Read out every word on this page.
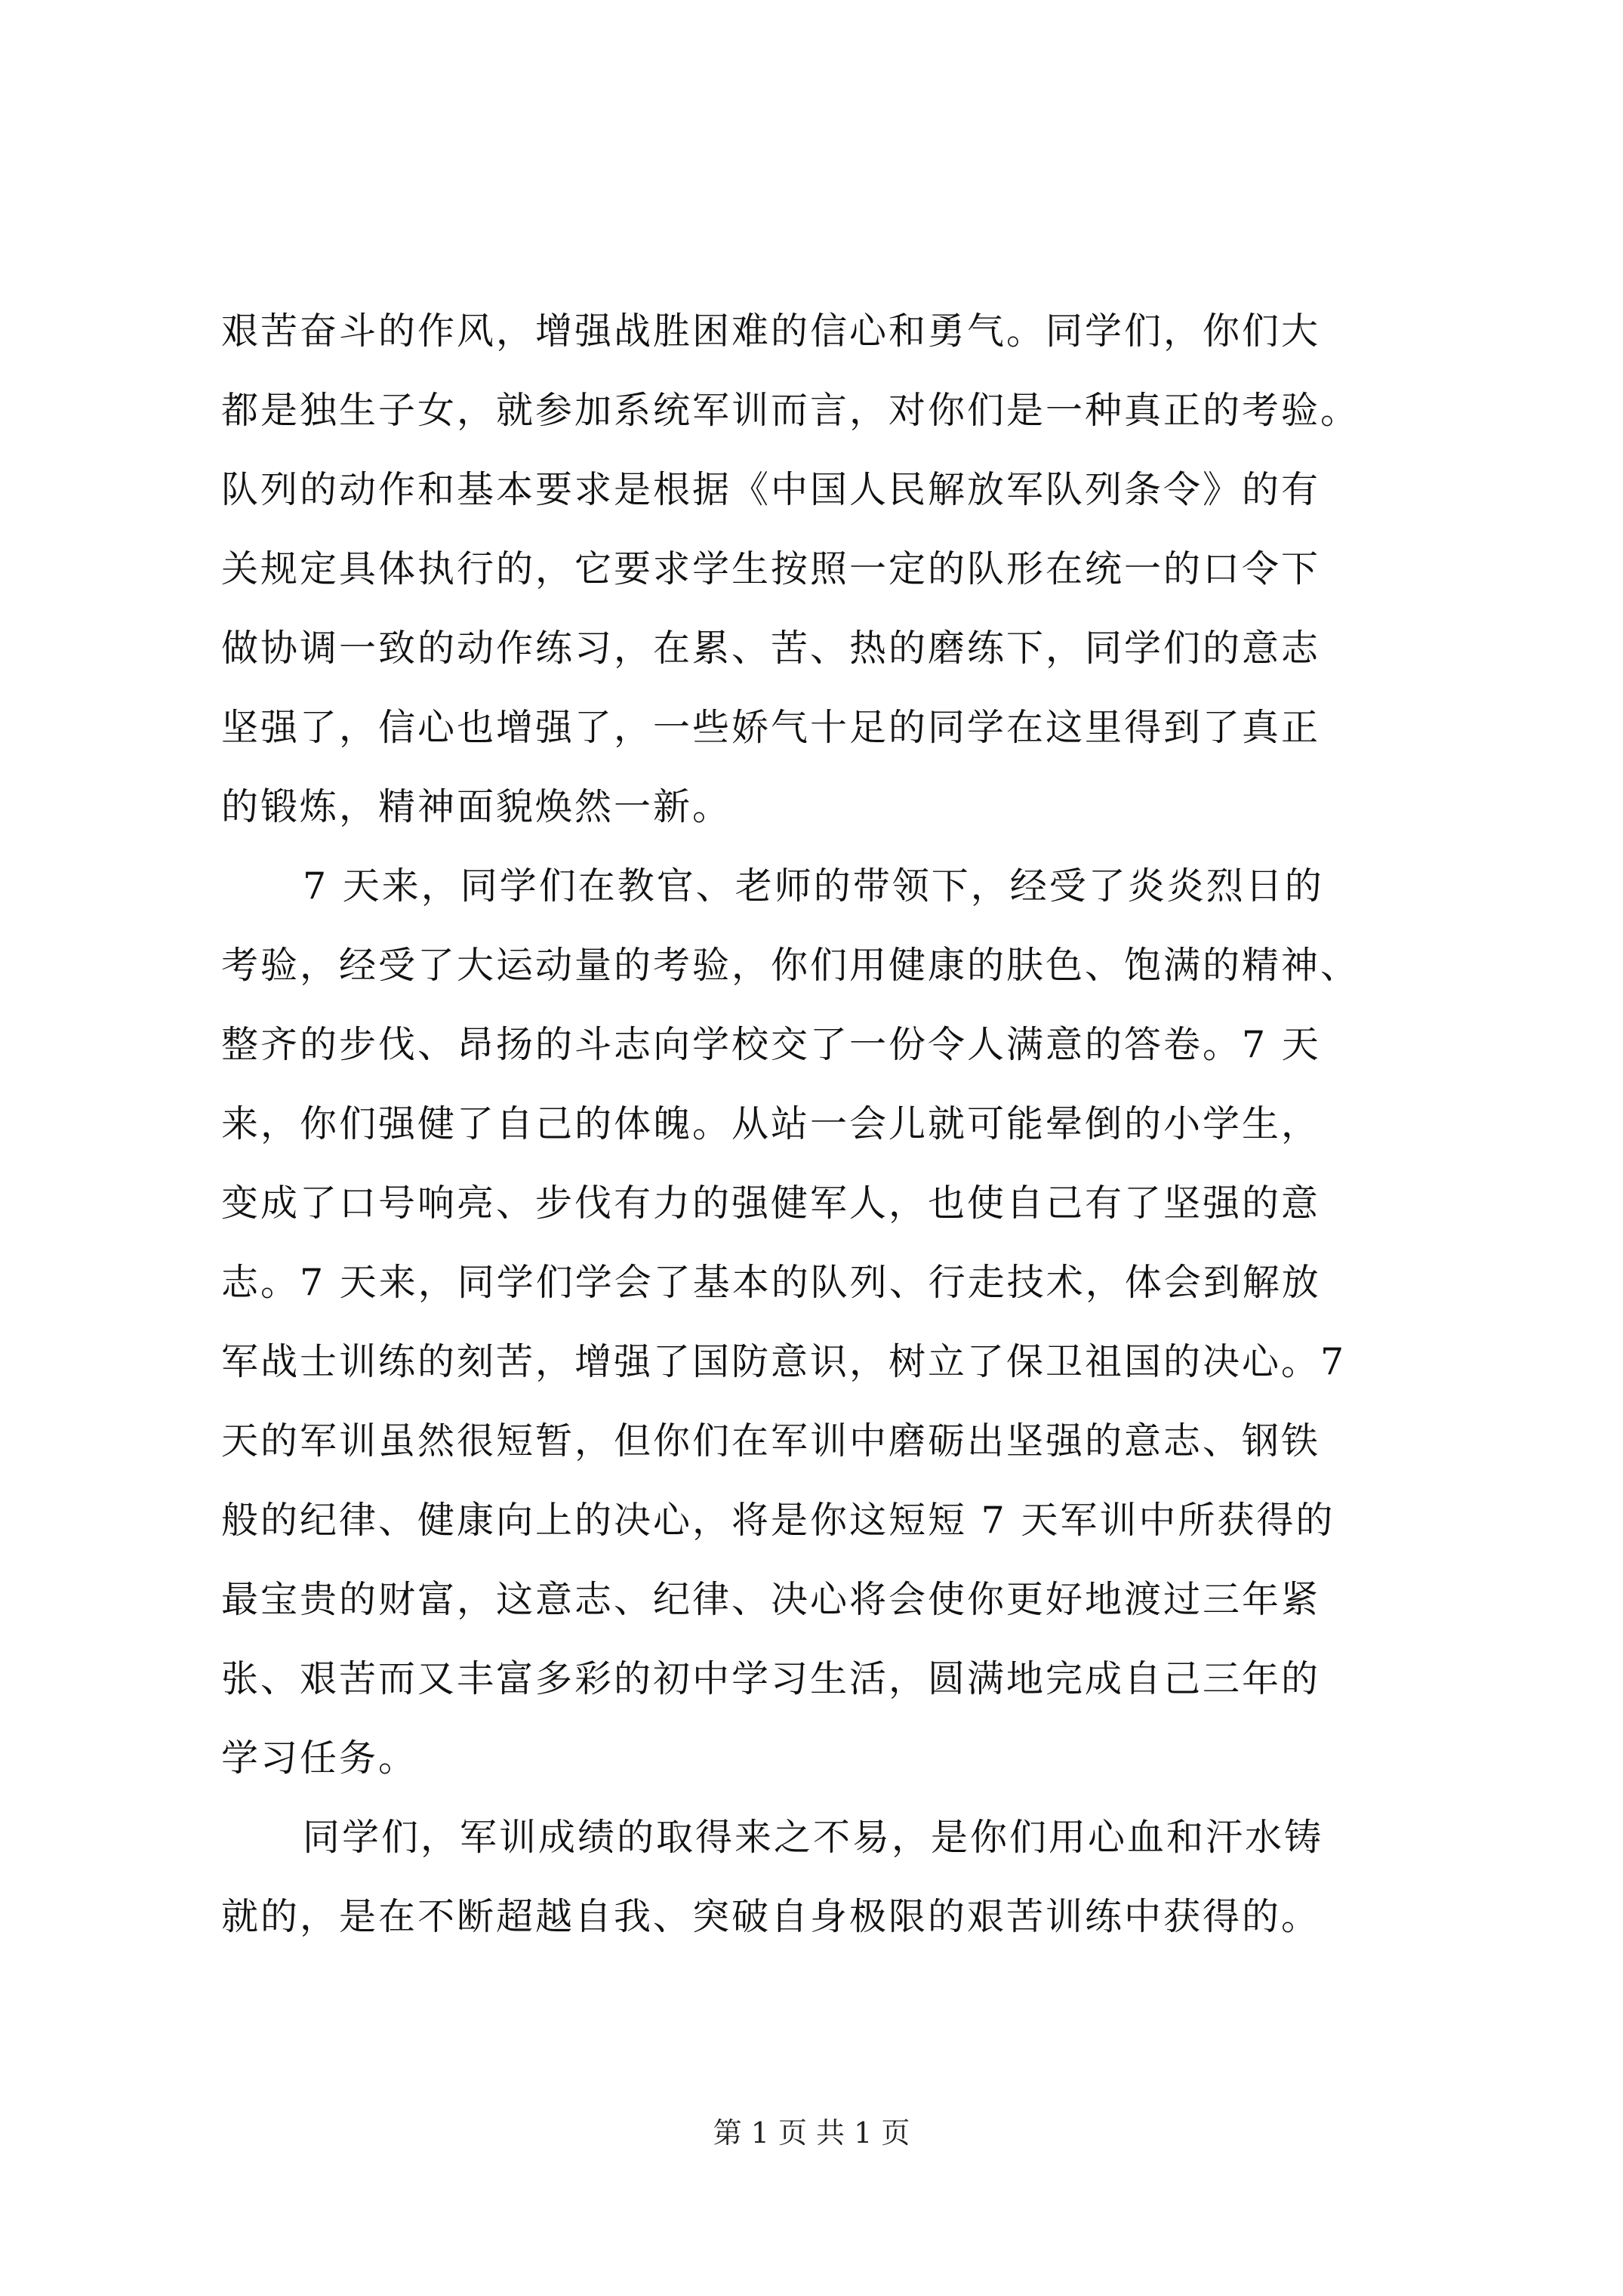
艰苦奋斗的作风，增强战胜困难的信心和勇气。同学们，你们大
都是独生子女，就参加系统军训而言，对你们是一种真正的考验。
队列的动作和基本要求是根据《中国人民解放军队列条令》的有
关规定具体执行的，它要求学生按照一定的队形在统一的口令下
做协调一致的动作练习，在累、苦、热的磨练下，同学们的意志
坚强了，信心也增强了，一些娇气十足的同学在这里得到了真正
的锻炼，精神面貌焕然一新。
7 天来，同学们在教官、老师的带领下，经受了炎炎烈日的
考验，经受了大运动量的考验，你们用健康的肤色、饱满的精神、
整齐的步伐、昂扬的斗志向学校交了一份令人满意的答卷。7 天
来，你们强健了自己的体魄。从站一会儿就可能晕倒的小学生，
变成了口号响亮、步伐有力的强健军人，也使自己有了坚强的意
志。7 天来，同学们学会了基本的队列、行走技术，体会到解放
军战士训练的刻苦，增强了国防意识，树立了保卫祖国的决心。7
天的军训虽然很短暂，但你们在军训中磨砺出坚强的意志、钢铁
般的纪律、健康向上的决心，将是你这短短 7 天军训中所获得的
最宝贵的财富，这意志、纪律、决心将会使你更好地渡过三年紧
张、艰苦而又丰富多彩的初中学习生活，圆满地完成自己三年的
学习任务。
同学们，军训成绩的取得来之不易，是你们用心血和汗水铸
就的，是在不断超越自我、突破自身极限的艰苦训练中获得的。
第 1 页 共 1 页
